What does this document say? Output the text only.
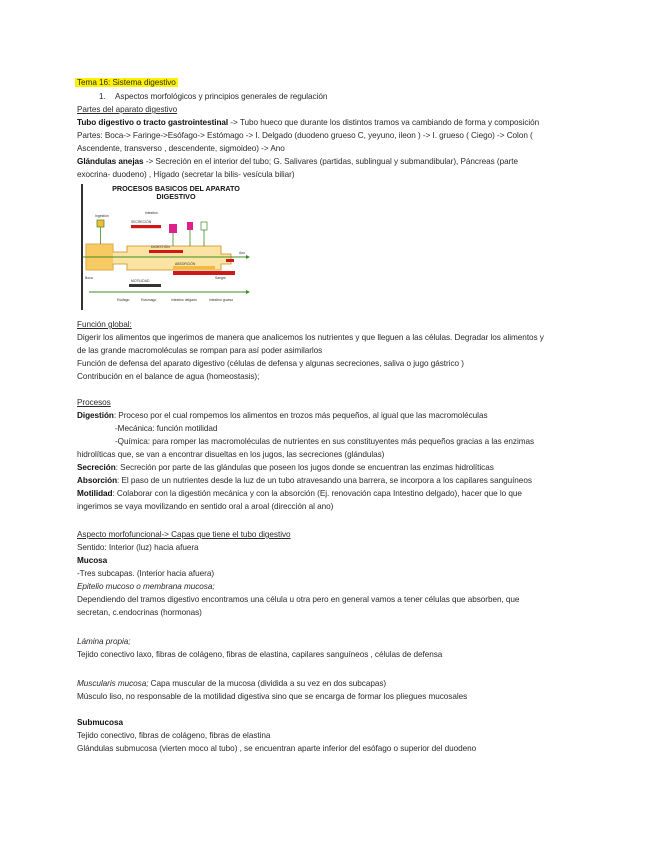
Tema 16: Sistema digestivo
1. Aspectos morfológicos y principios generales de regulación
Partes del aparato digestivo
Tubo digestivo o tracto gastrointestinal -> Tubo hueco que durante los distintos tramos va cambiando de forma y composición
Partes: Boca-> Faringe->Esófago-> Estómago -> I. Delgado (duodeno grueso C, yeyuno, ileon ) -> I. grueso ( Ciego) -> Colon (
Ascendente, transverso , descendente, sigmoideo) -> Ano
Glándulas anejas -> Secreción en el interior del tubo; G. Salivares (partidas, sublingual y submandibular), Páncreas (parte
exocrina- duodeno) , Hígado (secretar la bilis- vesícula biliar)
PROCESOS BASICOS DEL APARATO
DIGESTIVO
Ingestión
Boca
SECRECIÓN
DIGESTIÓN
ABSORCIÓN
MOTILIDAD
Ano
Intestino
Sangre
Esófago	Estómago	Intestino delgado	Intestino grueso
Función global:
Digerir los alimentos que ingerimos de manera que analicemos los nutrientes y que lleguen a las células. Degradar los alimentos y
de las grande macromoléculas se rompan para así poder asimilarlos
Función de defensa del aparato digestivo (células de defensa y algunas secreciones, saliva o jugo gástrico )
Contribución en el balance de agua (homeostasis);
Procesos
Digestión: Proceso por el cual rompemos los alimentos en trozos más pequeños, al igual que las macromoléculas
-Mecánica: función motilidad
-Química: para romper las macromoléculas de nutrientes en sus constituyentes más pequeños gracias a las enzimas
hidrolíticas que, se van a encontrar disueltas en los jugos, las secreciones (glándulas)
Secreción: Secreción por parte de las glándulas que poseen los jugos donde se encuentran las enzimas hidrolíticas
Absorción: El paso de un nutrientes desde la luz de un tubo atravesando una barrera, se incorpora a los capilares sanguíneos
Motilidad: Colaborar con la digestión mecánica y con la absorción (Ej. renovación capa Intestino delgado), hacer que lo que
ingerimos se vaya movilizando en sentido oral a aroal (dirección al ano)
Aspecto morfofuncional-> Capas que tiene el tubo digestivo
Sentido: Interior (luz) hacia afuera
Mucosa
-Tres subcapas. (Interior hacia afuera)
Epitelio mucoso o membrana mucosa;
Dependiendo del tramos digestivo encontramos una célula u otra pero en general vamos a tener células que absorben, que
secretan, c.endocrinas (hormonas)
Lámina propia;
Tejido conectivo laxo, fibras de colágeno, fibras de elastina, capilares sanguíneos , células de defensa
Muscularis mucosa; Capa muscular de la mucosa (dividida a su vez en dos subcapas)
Músculo liso, no responsable de la motilidad digestiva sino que se encarga de formar los pliegues mucosales
Submucosa
Tejido conectivo, fibras de colágeno, fibras de elastina
Glándulas submucosa (vierten moco al tubo) , se encuentran aparte inferior del esófago o superior del duodeno
